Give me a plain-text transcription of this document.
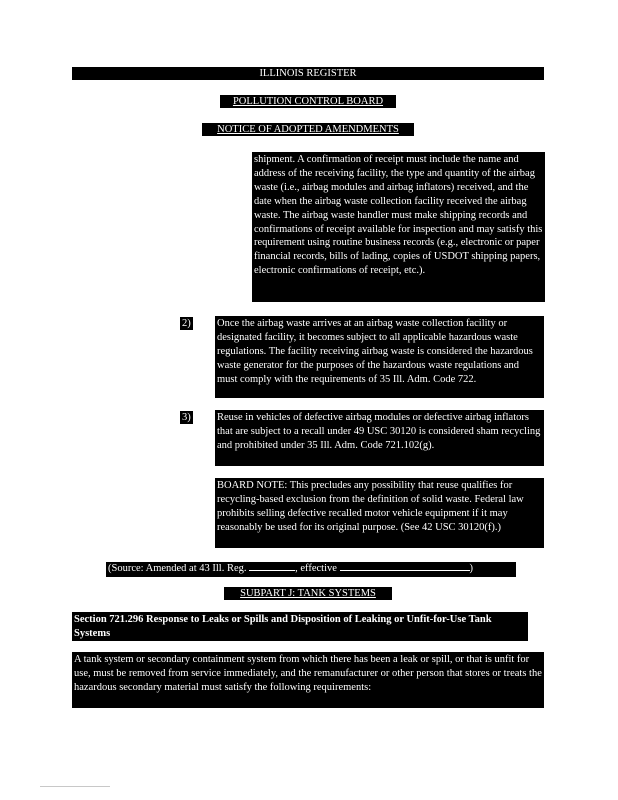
ILLINOIS REGISTER
POLLUTION CONTROL BOARD
NOTICE OF ADOPTED AMENDMENTS
shipment. A confirmation of receipt must include the name and address of the receiving facility, the type and quantity of the airbag waste (i.e., airbag modules and airbag inflators) received, and the date when the airbag waste collection facility received the airbag waste. The airbag waste handler must make shipping records and confirmations of receipt available for inspection and may satisfy this requirement using routine business records (e.g., electronic or paper financial records, bills of lading, copies of USDOT shipping papers, electronic confirmations of receipt, etc.).
2)	Once the airbag waste arrives at an airbag waste collection facility or designated facility, it becomes subject to all applicable hazardous waste regulations. The facility receiving airbag waste is considered the hazardous waste generator for the purposes of the hazardous waste regulations and must comply with the requirements of 35 Ill. Adm. Code 722.
3)	Reuse in vehicles of defective airbag modules or defective airbag inflators that are subject to a recall under 49 USC 30120 is considered sham recycling and prohibited under 35 Ill. Adm. Code 721.102(g).
BOARD NOTE: This precludes any possibility that reuse qualifies for recycling-based exclusion from the definition of solid waste. Federal law prohibits selling defective recalled motor vehicle equipment if it may reasonably be used for its original purpose. (See 42 USC 30120(f).)
(Source: Amended at 43 Ill. Reg.	, effective	)
SUBPART J: TANK SYSTEMS
Section 721.296 Response to Leaks or Spills and Disposition of Leaking or Unfit-for-Use Tank Systems
A tank system or secondary containment system from which there has been a leak or spill, or that is unfit for use, must be removed from service immediately, and the remanufacturer or other person that stores or treats the hazardous secondary material must satisfy the following requirements:
